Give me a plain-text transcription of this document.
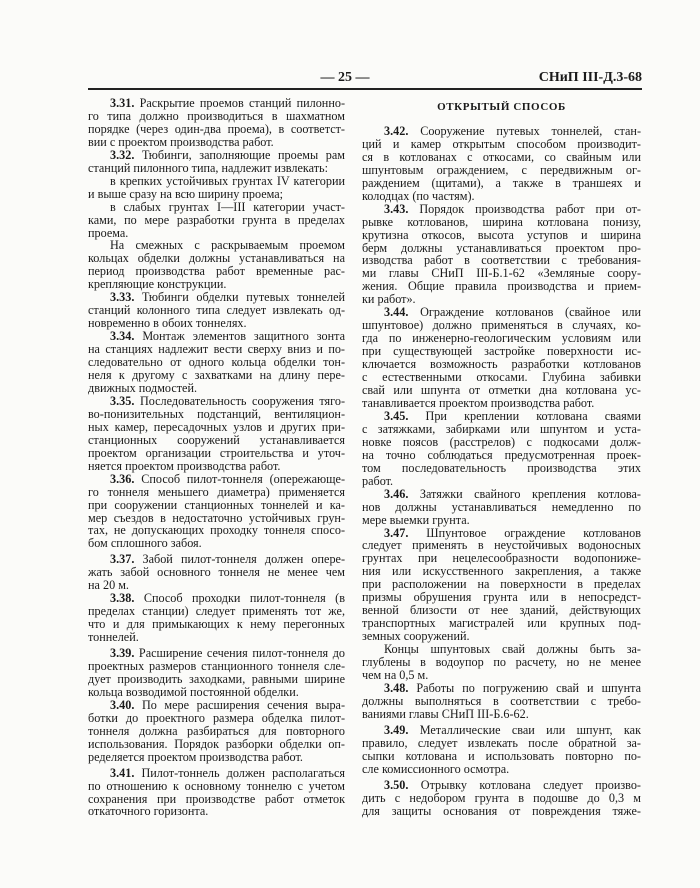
— 25 —	СНиП III-Д.3-68
3.31. Раскрытие проемов станций пилонно-
го типа должно производиться в шахматном
порядке (через один-два проема), в соответст-
вии с проектом производства работ.
3.32. Тюбинги, заполняющие проемы рам
станций пилонного типа, надлежит извлекать:
в крепких устойчивых грунтах IV категории
и выше сразу на всю ширину проема;
в слабых грунтах I—III категории участ-
ками, по мере разработки грунта в пределах
проема.
На смежных с раскрываемым проемом
кольцах обделки должны устанавливаться на
период производства работ временные рас-
крепляющие конструкции.
3.33. Тюбинги обделки путевых тоннелей
станций колонного типа следует извлекать од-
новременно в обоих тоннелях.
3.34. Монтаж элементов защитного зонта
на станциях надлежит вести сверху вниз и по-
следовательно от одного кольца обделки тон-
неля к другому с захватками на длину пере-
движных подмостей.
3.35. Последовательность сооружения тяго-
во-понизительных подстанций, вентиляцион-
ных камер, пересадочных узлов и других при-
станционных сооружений устанавливается
проектом организации строительства и уточ-
няется проектом производства работ.
3.36. Способ пилот-тоннеля (опережающе-
го тоннеля меньшего диаметра) применяется
при сооружении станционных тоннелей и ка-
мер съездов в недостаточно устойчивых грун-
тах, не допускающих проходку тоннеля спосо-
бом сплошного забоя.
3.37. Забой пилот-тоннеля должен опере-
жать забой основного тоннеля не менее чем
на 20 м.
3.38. Способ проходки пилот-тоннеля (в
пределах станции) следует применять тот же,
что и для примыкающих к нему перегонных
тоннелей.
3.39. Расширение сечения пилот-тоннеля до
проектных размеров станционного тоннеля сле-
дует производить заходками, равными ширине
кольца возводимой постоянной обделки.
3.40. По мере расширения сечения выра-
ботки до проектного размера обделка пилот-
тоннеля должна разбираться для повторного
использования. Порядок разборки обделки оп-
ределяется проектом производства работ.
3.41. Пилот-тоннель должен располагаться
по отношению к основному тоннелю с учетом
сохранения при производстве работ отметок
откаточного горизонта.
ОТКРЫТЫЙ СПОСОБ
3.42. Сооружение путевых тоннелей, стан-
ций и камер открытым способом производит-
ся в котлованах с откосами, со свайным или
шпунтовым ограждением, с передвижным ог-
раждением (щитами), а также в траншеях и
колодцах (по частям).
3.43. Порядок производства работ при от-
рывке котлованов, ширина котлована понизу,
крутизна откосов, высота уступов и ширина
берм должны устанавливаться проектом про-
изводства работ в соответствии с требования-
ми главы СНиП III-Б.1-62 «Земляные соору-
жения. Общие правила производства и прием-
ки работ».
3.44. Ограждение котлованов (свайное или
шпунтовое) должно применяться в случаях, ко-
гда по инженерно-геологическим условиям или
при существующей застройке поверхности ис-
ключается возможность разработки котлованов
с естественными откосами. Глубина забивки
свай или шпунта от отметки дна котлована ус-
танавливается проектом производства работ.
3.45. При креплении котлована сваями
с затяжками, забирками или шпунтом и уста-
новке поясов (расстрелов) с подкосами долж-
на точно соблюдаться предусмотренная проек-
том последовательность производства этих
работ.
3.46. Затяжки свайного крепления котлова-
нов должны устанавливаться немедленно по
мере выемки грунта.
3.47. Шпунтовое ограждение котлованов
следует применять в неустойчивых водоносных
грунтах при нецелесообразности водопониже-
ния или искусственного закрепления, а также
при расположении на поверхности в пределах
призмы обрушения грунта или в непосредст-
венной близости от нее зданий, действующих
транспортных магистралей или крупных под-
земных сооружений.
Концы шпунтовых свай должны быть за-
глублены в водоупор по расчету, но не менее
чем на 0,5 м.
3.48. Работы по погружению свай и шпунта
должны выполняться в соответствии с требо-
ваниями главы СНиП III-Б.6-62.
3.49. Металлические сваи или шпунт, как
правило, следует извлекать после обратной за-
сыпки котлована и использовать повторно по-
сле комиссионного осмотра.
3.50. Отрывку котлована следует произво-
дить с недобором грунта в подошве до 0,3 м
для защиты основания от повреждения тяже-
